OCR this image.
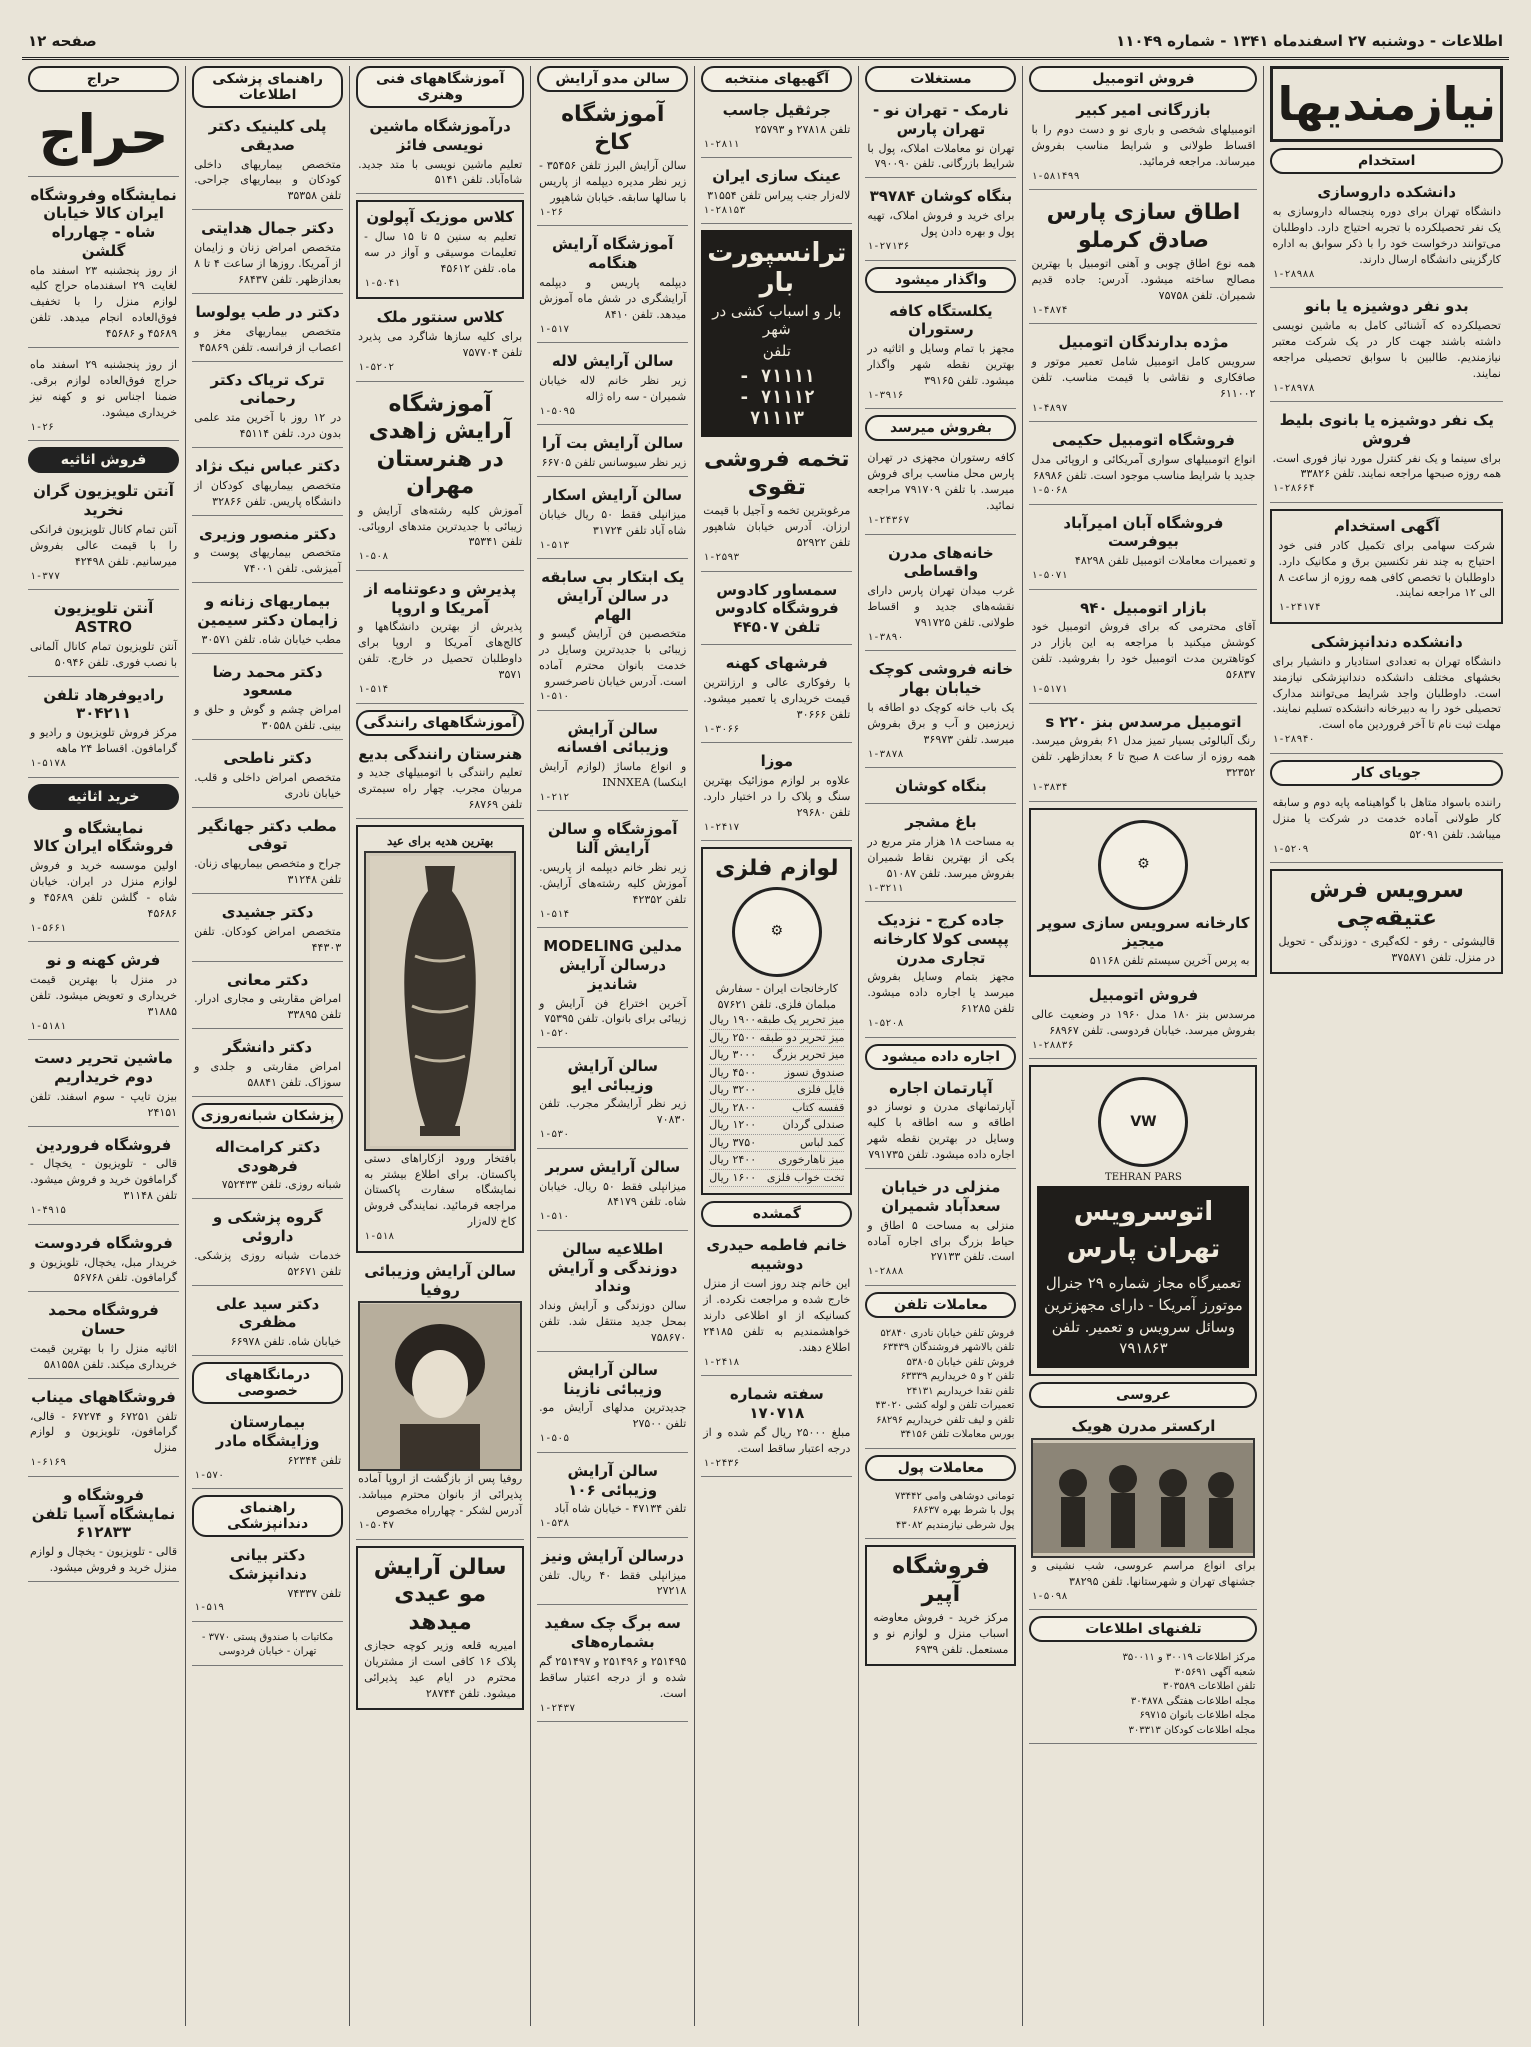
اطلاعات - دوشنبه ۲۷ اسفندماه ۱۳۴۱ - شماره ۱۱۰۴۹
صفحه ۱۲
نیازمندیها
استخدام
دانشکده داروسازی

دانشگاه تهران برای دوره پنجساله داروسازی به یک نفر تحصیلکرده با تجربه احتیاج دارد. داوطلبان می‌توانند درخواست خود را با ذکر سوابق به اداره کارگزینی دانشگاه ارسال دارند.

۱-۲۸۹۸۸
بدو نفر دوشیزه یا بانو

تحصیلکرده که آشنائی کامل به ماشین نویسی داشته باشند جهت کار در یک شرکت معتبر نیازمندیم. طالبین با سوابق تحصیلی مراجعه نمایند.

۱-۲۸۹۷۸
یک نفر دوشیزه یا بانوی بلیط فروش

برای سینما و یک نفر کنترل مورد نیاز فوری است. همه روزه صبحها مراجعه نمایند. تلفن ۳۳۸۲۶

۱-۲۸۶۶۴
آگهی استخدام

شرکت سهامی برای تکمیل کادر فنی خود احتیاج به چند نفر تکنسین برق و مکانیک دارد. داوطلبان با تخصص کافی همه روزه از ساعت ۸ الی ۱۲ مراجعه نمایند.

۱-۲۴۱۷۴
دانشکده دندانپزشکی

دانشگاه تهران به تعدادی استادیار و دانشیار برای بخشهای مختلف دانشکده دندانپزشکی نیازمند است. داوطلبان واجد شرایط می‌توانند مدارک تحصیلی خود را به دبیرخانه دانشکده تسلیم نمایند. مهلت ثبت نام تا آخر فروردین ماه است.

۱-۲۸۹۴۰
جویای کار

راننده باسواد متاهل با گواهینامه پایه دوم و سابقه کار طولانی آماده خدمت در شرکت یا منزل میباشد. تلفن ۵۲۰۹۱

۱-۵۲۰۹
سرویس فرش عتیقه‌چی

قالیشوئی - رفو - لکه‌گیری - دوزندگی - تحویل در منزل. تلفن ۳۷۵۸۷۱

فروش اتومبیل
بازرگانی امیر کبیر

اتومبیلهای شخصی و باری نو و دست دوم را با اقساط طولانی و شرایط مناسب بفروش میرساند. مراجعه فرمائید.

۱-۵۸۱۴۹۹
اطاق سازی پارس صادق کرملو

همه نوع اطاق چوبی و آهنی اتومبیل با بهترین مصالح ساخته میشود. آدرس: جاده قدیم شمیران. تلفن ۷۵۷۵۸

۱-۴۸۷۴
مژده بدارندگان اتومبیل

سرویس کامل اتومبیل شامل تعمیر موتور و صافکاری و نقاشی با قیمت مناسب. تلفن ۶۱۱۰۰۲

۱-۴۸۹۷
فروشگاه اتومبیل حکیمی

انواع اتومبیلهای سواری آمریکائی و اروپائی مدل جدید با شرایط مناسب موجود است. تلفن ۶۸۹۸۶

۱-۵۰۶۸
فروشگاه آبان امیرآباد بیوفرست

و تعمیرات معاملات اتومبیل تلفن ۴۸۲۹۸

۱-۵۰۷۱
بازار اتومبیل ۹۴۰

آقای محترمی که برای فروش اتومبیل خود کوشش میکنید با مراجعه به این بازار در کوتاهترین مدت اتومبیل خود را بفروشید. تلفن ۵۶۸۳۷

۱-۵۱۷۱
اتومبیل مرسدس بنز ۲۲۰ s

رنگ آلبالوئی بسیار تمیز مدل ۶۱ بفروش میرسد. همه روزه از ساعت ۸ صبح تا ۶ بعدازظهر. تلفن ۳۲۳۵۲

۱-۳۸۳۴
⚙
کارخانه سرویس سازی سوپر میجیز

به پرس آخرین سیستم تلفن ۵۱۱۶۸

فروش اتومبیل

مرسدس بنز ۱۸۰ مدل ۱۹۶۰ در وضعیت عالی بفروش میرسد. خیابان فردوسی. تلفن ۶۸۹۶۷

۱-۲۸۸۳۶
VW
TEHRAN PARS
اتوسرویس تهران پارس
تعمیرگاه مجاز شماره ۲۹ جنرال موتورز آمریکا - دارای مجهزترین وسائل سرویس و تعمیر. تلفن ۷۹۱۸۶۳
عروسی
ارکستر مدرن هویک

برای انواع مراسم عروسی، شب نشینی و جشنهای تهران و شهرستانها. تلفن ۳۸۲۹۵

۱-۵۰۹۸
تلفنهای اطلاعات
مرکز اطلاعات ۳۰۰۱۹ و ۳۵۰۰۱۱
شعبه آگهی ۳۰۵۶۹۱
تلفن اطلاعات ۳۰۳۵۸۹
مجله اطلاعات هفتگی ۳۰۴۸۷۸
مجله اطلاعات بانوان ۶۹۷۱۵
مجله اطلاعات کودکان ۳۰۳۳۱۳
مستغلات
نارمک - تهران نو - تهران پارس

تهران نو معاملات املاک، پول با شرایط بازرگانی. تلفن ۷۹۰۰۹۰

بنگاه کوشان ۳۹۷۸۴

برای خرید و فروش املاک، تهیه پول و بهره دادن پول

۱-۲۷۱۳۶
واگذار میشود
یکلستگاه کافه رستوران

مجهز با تمام وسایل و اثاثیه در بهترین نقطه شهر واگذار میشود. تلفن ۳۹۱۶۵

۱-۳۹۱۶
بفروش میرسد

کافه رستوران مجهزی در تهران پارس محل مناسب برای فروش میرسد. با تلفن ۷۹۱۷۰۹ مراجعه نمائید.

۱-۲۴۳۶۷
خانه‌های مدرن واقساطی

غرب میدان تهران پارس دارای نقشه‌های جدید و اقساط طولانی. تلفن ۷۹۱۷۲۵

۱-۳۸۹۰
خانه فروشی کوچک خیابان بهار

یک باب خانه کوچک دو اطاقه با زیرزمین و آب و برق بفروش میرسد. تلفن ۳۶۹۷۳

۱-۳۸۷۸
بنگاه کوشان
باغ مشجر

به مساحت ۱۸ هزار متر مربع در یکی از بهترین نقاط شمیران بفروش میرسد. تلفن ۵۱۰۸۷

۱-۳۲۱۱
جاده کرج - نزدیک پپسی کولا کارخانه تجاری مدرن

مجهز بتمام وسایل بفروش میرسد یا اجاره داده میشود. تلفن ۶۱۲۸۵

۱-۵۲۰۸
اجاره داده میشود
آپارتمان اجاره

آپارتمانهای مدرن و نوساز دو اطاقه و سه اطاقه با کلیه وسایل در بهترین نقطه شهر اجاره داده میشود. تلفن ۷۹۱۷۳۵

منزلی در خیابان سعدآباد شمیران

منزلی به مساحت ۵ اطاق و حیاط بزرگ برای اجاره آماده است. تلفن ۲۷۱۳۳

۱-۲۸۸۸
معاملات تلفن
فروش تلفن خیابان نادری ۵۲۸۴۰
تلفن بالاشهر فروشندگان ۶۳۴۳۹
فروش تلفن خیابان ۵۳۸۰۵
تلفن ۲ و ۵ خریداریم ۶۳۳۳۹
تلفن نقدا خریداریم ۲۴۱۳۱
تعمیرات تلفن و لوله کشی ۴۳۰۲۰
تلفن و لیف تلفن خریداریم ۶۸۲۹۶
بورس معاملات تلفن ۳۴۱۵۶
معاملات پول
تومانی دوشاهی وامی ۷۳۴۴۲
پول با شرط بهره ۶۸۶۳۷
پول شرطی نیازمندیم ۴۳۰۸۲
فروشگاه آپیر

مرکز خرید - فروش معاوضه اسباب منزل و لوازم نو و مستعمل. تلفن ۶۹۳۹

آگهیهای منتخبه
جرثقیل جاسب

تلفن ۲۷۸۱۸ و ۲۵۷۹۳

۱-۲۸۱۱
عینک سازی ایران

لاله‌زار جنب پیراس تلفن ۳۱۵۵۴

۱-۲۸۱۵۳
ترانسپورت بار
بار و اسباب کشی در شهر
تلفن
۷۱۱۱۱ - ۷۱۱۱۲ - ۷۱۱۱۳
تخمه فروشی تقوی

مرغوبترین تخمه و آجیل با قیمت ارزان. آدرس خیابان شاهپور تلفن ۵۲۹۲۲

۱-۲۵۹۳
سمساور کادوس فروشگاه کادوس تلفن ۴۴۵۰۷
فرشهای کهنه

با رفوکاری عالی و ارزانترین قیمت خریداری یا تعمیر میشود. تلفن ۳۰۶۶۶

۱-۳۰۶۶
موزا

علاوه بر لوازم موزائیک بهترین سنگ و پلاک را در اختیار دارد. تلفن ۲۹۶۸۰

۱-۲۴۱۷
لوازم فلزی
⚙

کارخانجات ایران - سفارش مبلمان فلزی. تلفن ۵۷۶۲۱

میز تحریر یک طبقه
۱۹۰۰ ریال
میز تحریر دو طبقه
۲۵۰۰ ریال
میز تحریر بزرگ
۳۰۰۰ ریال
صندوق نسوز
۴۵۰۰ ریال
فایل فلزی
۳۲۰۰ ریال
قفسه کتاب
۲۸۰۰ ریال
صندلی گردان
۱۲۰۰ ریال
کمد لباس
۳۷۵۰ ریال
میز ناهارخوری
۲۴۰۰ ریال
تخت خواب فلزی
۱۶۰۰ ریال
گمشده
خانم فاطمه حیدری دوشیبه

این خانم چند روز است از منزل خارج شده و مراجعت نکرده. از کسانیکه از او اطلاعی دارند خواهشمندیم به تلفن ۲۴۱۸۵ اطلاع دهند.

۱-۲۴۱۸
سفته شماره ۱۷۰۷۱۸

مبلغ ۲۵۰۰۰ ریال گم شده و از درجه اعتبار ساقط است.

۱-۲۴۳۶
سالن مدو آرایش
آموزشگاه کاخ

سالن آرایش البرز تلفن ۳۵۴۵۶ - زیر نظر مدیره دیپلمه از پاریس با سالها سابقه. خیابان شاهپور

۱-۲۶
آموزشگاه آرایش هنگامه

دیپلمه پاریس و دیپلمه آرایشگری در شش ماه آموزش میدهد. تلفن ۸۴۱۰

۱-۵۱۷
سالن آرایش لاله

زیر نظر خانم لاله خیابان شمیران - سه راه ژاله

۱-۵۰۹۵
سالن آرایش بت آرا

زیر نظر سیوسانس تلفن ۶۶۷۰۵

سالن آرایش اسکار

میزانپلی فقط ۵۰ ریال خیابان شاه آباد تلفن ۳۱۷۲۴

۱-۵۱۳
یک ابتکار بی سابقه در سالن آرایش الهام

متخصصین فن آرایش گیسو و زیبائی با جدیدترین وسایل در خدمت بانوان محترم آماده است. آدرس خیابان ناصرخسرو

۱-۵۱۰
سالن آرایش وزیبائی افسانه

و انواع ماساژ (لوازم آرایش اینکسا) INNXEA

۱-۲۱۲
آموزشگاه و سالن آرایش آلنا

زیر نظر خانم دیپلمه از پاریس. آموزش کلیه رشته‌های آرایش. تلفن ۴۲۳۵۲

۱-۵۱۴
مدلین MODELING درسالن آرایش شاندیز

آخرین اختراع فن آرایش و زیبائی برای بانوان. تلفن ۷۵۳۹۵

۱-۵۲۰
سالن آرایش وزیبائی ایو

زیر نظر آرایشگر مجرب. تلفن ۷۰۸۳۰

۱-۵۳۰
سالن آرایش سربر

میزانپلی فقط ۵۰ ریال. خیابان شاه. تلفن ۸۴۱۷۹

۱-۵۱۰
اطلاعیه سالن دوزندگی و آرایش ونداد

سالن دوزندگی و آرایش ونداد بمحل جدید منتقل شد. تلفن ۷۵۸۶۷۰

سالن آرایش وزیبائی نازینا

جدیدترین مدلهای آرایش مو. تلفن ۲۷۵۰۰

۱-۵۰۵
سالن آرایش وزیبائی ۱۰۶

تلفن ۴۷۱۳۴ - خیابان شاه آباد

۱-۵۳۸
درسالن آرایش ونیز

میزانپلی فقط ۴۰ ریال. تلفن ۲۷۲۱۸

سه برگ چک سفید بشماره‌های

۲۵۱۴۹۵ و ۲۵۱۴۹۶ و ۲۵۱۴۹۷ گم شده و از درجه اعتبار ساقط است.

۱-۲۴۳۷
آموزشگاههای فنی وهنری
درآموزشگاه ماشین نویسی فائز

تعلیم ماشین نویسی با متد جدید. شاه‌آباد. تلفن ۵۱۴۱

کلاس موزیک آپولون

تعلیم به سنین ۵ تا ۱۵ سال - تعلیمات موسیقی و آواز در سه ماه. تلفن ۴۵۶۱۲

۱-۵۰۴۱
کلاس سنتور ملک

برای کلیه سازها شاگرد می پذیرد تلفن ۷۵۷۷۰۴

۱-۵۲۰۲
آموزشگاه آرایش زاهدی در هنرستان مهران

آموزش کلیه رشته‌های آرایش و زیبائی با جدیدترین متدهای اروپائی. تلفن ۳۵۳۴۱

۱-۵۰۸
پذیرش و دعوتنامه از آمریکا و اروپا

پذیرش از بهترین دانشگاهها و کالج‌های آمریکا و اروپا برای داوطلبان تحصیل در خارج. تلفن ۳۵۷۱

۱-۵۱۴
آموزشگاههای رانندگی
هنرستان رانندگی بدیع

تعلیم رانندگی با اتومبیلهای جدید و مربیان مجرب. چهار راه سیمتری تلفن ۶۸۷۶۹

بهترین هدیه برای عید

بافتخار ورود ازکاراهای دستی پاکستان. برای اطلاع بیشتر به نمایشگاه سفارت پاکستان مراجعه فرمائید. نمایندگی فروش کاخ لاله‌زار

۱-۵۱۸
سالن آرایش وزیبائی روفیا

روفیا پس از بازگشت از اروپا آماده پذیرائی از بانوان محترم میباشد. آدرس لشکر - چهارراه مخصوص

۱-۵۰۴۷
سالن آرایش مو عیدی میدهد

امیریه قلعه وزیر کوچه حجازی پلاک ۱۶ کافی است از مشتریان محترم در ایام عید پذیرائی میشود. تلفن ۲۸۷۴۴

راهنمای پزشکی اطلاعات
پلی کلینیک دکتر صدیقی

متخصص بیماریهای داخلی کودکان و بیماریهای جراحی. تلفن ۳۵۳۵۸

دکتر جمال هدایتی

متخصص امراض زنان و زایمان از آمریکا. روزها از ساعت ۴ تا ۸ بعدازظهر. تلفن ۶۸۴۳۷

دکتر در طب یولوسا

متخصص بیماریهای مغز و اعصاب از فرانسه. تلفن ۴۵۸۶۹

ترک تریاک دکتر رحمانی

در ۱۲ روز با آخرین متد علمی بدون درد. تلفن ۴۵۱۱۴

دکتر عباس نیک نژاد

متخصص بیماریهای کودکان از دانشگاه پاریس. تلفن ۳۲۸۶۶

دکتر منصور وزیری

متخصص بیماریهای پوست و آمیزشی. تلفن ۷۴۰۰۱

بیماریهای زنانه و زایمان دکتر سیمین

مطب خیابان شاه. تلفن ۳۰۵۷۱

دکتر محمد رضا مسعود

امراض چشم و گوش و حلق و بینی. تلفن ۳۰۵۵۸

دکتر ناطحی

متخصص امراض داخلی و قلب. خیابان نادری

مطب دکتر جهانگیر توفی

جراح و متخصص بیماریهای زنان. تلفن ۳۱۲۴۸

دکتر جشیدی

متخصص امراض کودکان. تلفن ۴۴۳۰۳

دکتر معانی

امراض مقاربتی و مجاری ادرار. تلفن ۳۳۸۹۵

دکتر دانشگر

امراض مقاربتی و جلدی و سوزاک. تلفن ۵۸۸۴۱

پزشکان شبانه‌روزی
دکتر کرامت‌اله فرهودی

شبانه روزی. تلفن ۷۵۲۴۳۳

گروه پزشکی و داروئی

خدمات شبانه روزی پزشکی. تلفن ۵۲۶۷۱

دکتر سید علی مظفری

خیابان شاه. تلفن ۶۶۹۷۸

درمانگاههای خصوصی
بیمارستان وزایشگاه مادر

تلفن ۶۲۳۴۴

۱-۵۷۰
راهنمای دندانپزشکی
دکتر بیانی دندانپزشک

تلفن ۷۴۳۳۷

۱-۵۱۹
مکاتبات با صندوق پستی ۳۷۷۰ - تهران - خیابان فردوسی
حراج
حراج
نمایشگاه وفروشگاه ایران کالا خیابان شاه - چهارراه گلشن

از روز پنجشنبه ۲۳ اسفند ماه لغایت ۲۹ اسفندماه حراج کلیه لوازم منزل را با تخفیف فوق‌العاده انجام میدهد. تلفن ۴۵۶۸۹ و ۴۵۶۸۶

از روز پنجشنبه ۲۹ اسفند ماه حراج فوق‌العاده لوازم برقی. ضمنا اجناس نو و کهنه نیز خریداری میشود.

۱-۲۶
فروش اثاثیه
آنتن تلویزیون گران نخرید

آنتن تمام کانال تلویزیون فرانکی را با قیمت عالی بفروش میرسانیم. تلفن ۴۲۴۹۸

۱-۳۷۷
آنتن تلویزیون ASTRO

آنتن تلویزیون تمام کانال آلمانی با نصب فوری. تلفن ۵۰۹۴۶

رادیوفرهاد تلفن ۳۰۴۲۱۱

مرکز فروش تلویزیون و رادیو و گرامافون. اقساط ۲۴ ماهه

۱-۵۱۷۸
خرید اثاثیه
نمایشگاه و فروشگاه ایران کالا

اولین موسسه خرید و فروش لوازم منزل در ایران. خیابان شاه - گلشن تلفن ۴۵۶۸۹ و ۴۵۶۸۶

۱-۵۶۶۱
فرش کهنه و نو

در منزل با بهترین قیمت خریداری و تعویض میشود. تلفن ۳۱۸۸۵

۱-۵۱۸۱
ماشین تحریر دست دوم خریداریم

بیزن تایپ - سوم اسفند. تلفن ۲۴۱۵۱

فروشگاه فروردین

قالی - تلویزیون - یخچال - گرامافون خرید و فروش میشود. تلفن ۳۱۱۴۸

۱-۴۹۱۵
فروشگاه فردوست

خریدار مبل، یخچال، تلویزیون و گرامافون. تلفن ۵۶۷۶۸

فروشگاه محمد حسان

اثاثیه منزل را با بهترین قیمت خریداری میکند. تلفن ۵۸۱۵۵۸

فروشگاههای میناب

تلفن ۶۷۲۵۱ و ۶۷۲۷۴ - قالی، گرامافون، تلویزیون و لوازم منزل

۱-۶۱۶۹
فروشگاه و نمایشگاه آسیا تلفن ۶۱۲۸۳۳

قالی - تلویزیون - یخچال و لوازم منزل خرید و فروش میشود.
